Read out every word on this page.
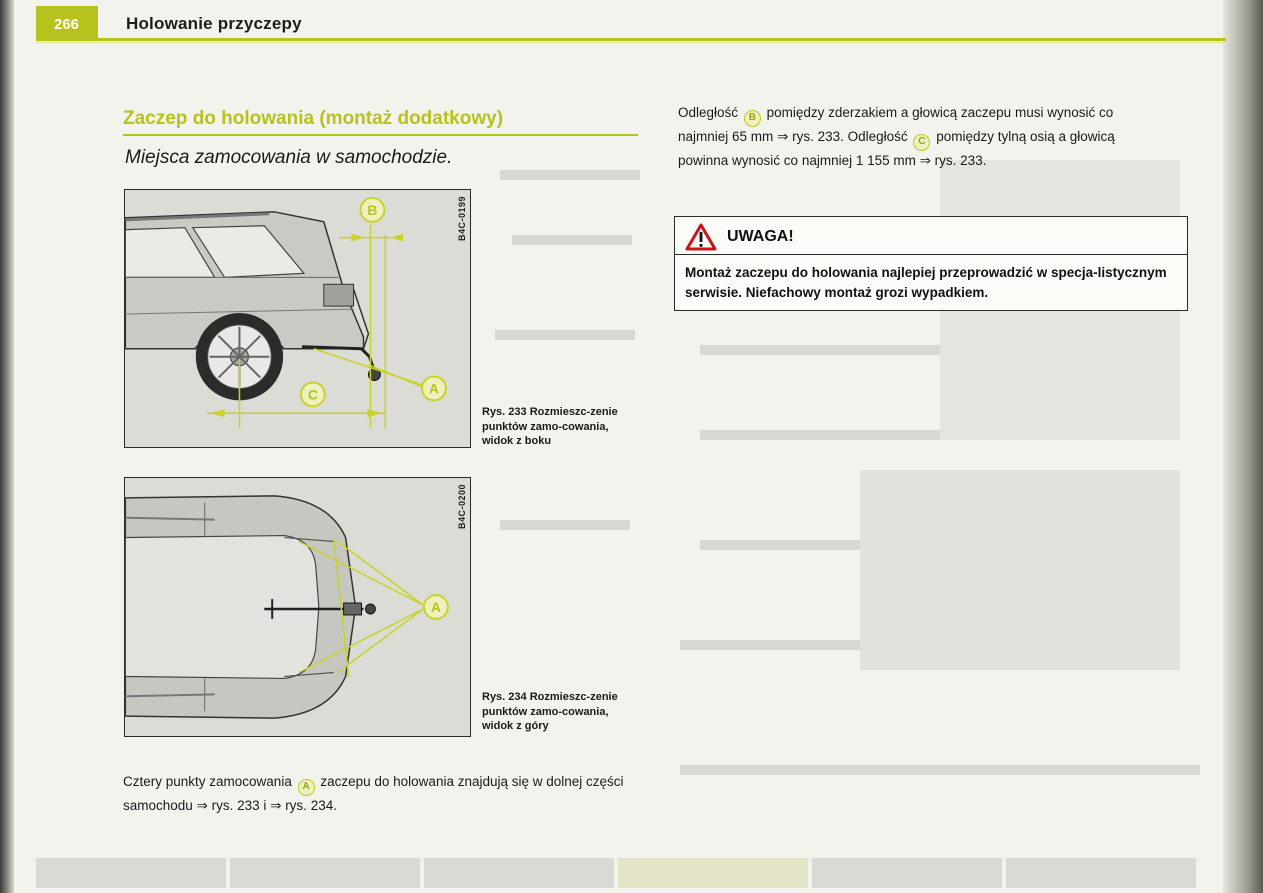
266	Holowanie przyczepy
Zaczep do holowania (montaż dodatkowy)
Miejsca zamocowania w samochodzie.
B
C	A
B4C-0199
Rys. 233 Rozmieszc-zenie punktów zamo-cowania, widok z boku
A
B4C-0200
Rys. 234 Rozmieszc-zenie punktów zamo-cowania, widok z góry
Cztery punkty zamocowania A zaczepu do holowania znajdują się w dolnej części samochodu ⇒ rys. 233 i ⇒ rys. 234.
Odległość B pomiędzy zderzakiem a głowicą zaczepu musi wynosić co najmniej 65 mm ⇒ rys. 233. Odległość C pomiędzy tylną osią a głowicą powinna wynosić co najmniej 1 155 mm ⇒ rys. 233.
UWAGA!
Montaż zaczepu do holowania najlepiej przeprowadzić w specja-listycznym serwisie. Niefachowy montaż grozi wypadkiem.
